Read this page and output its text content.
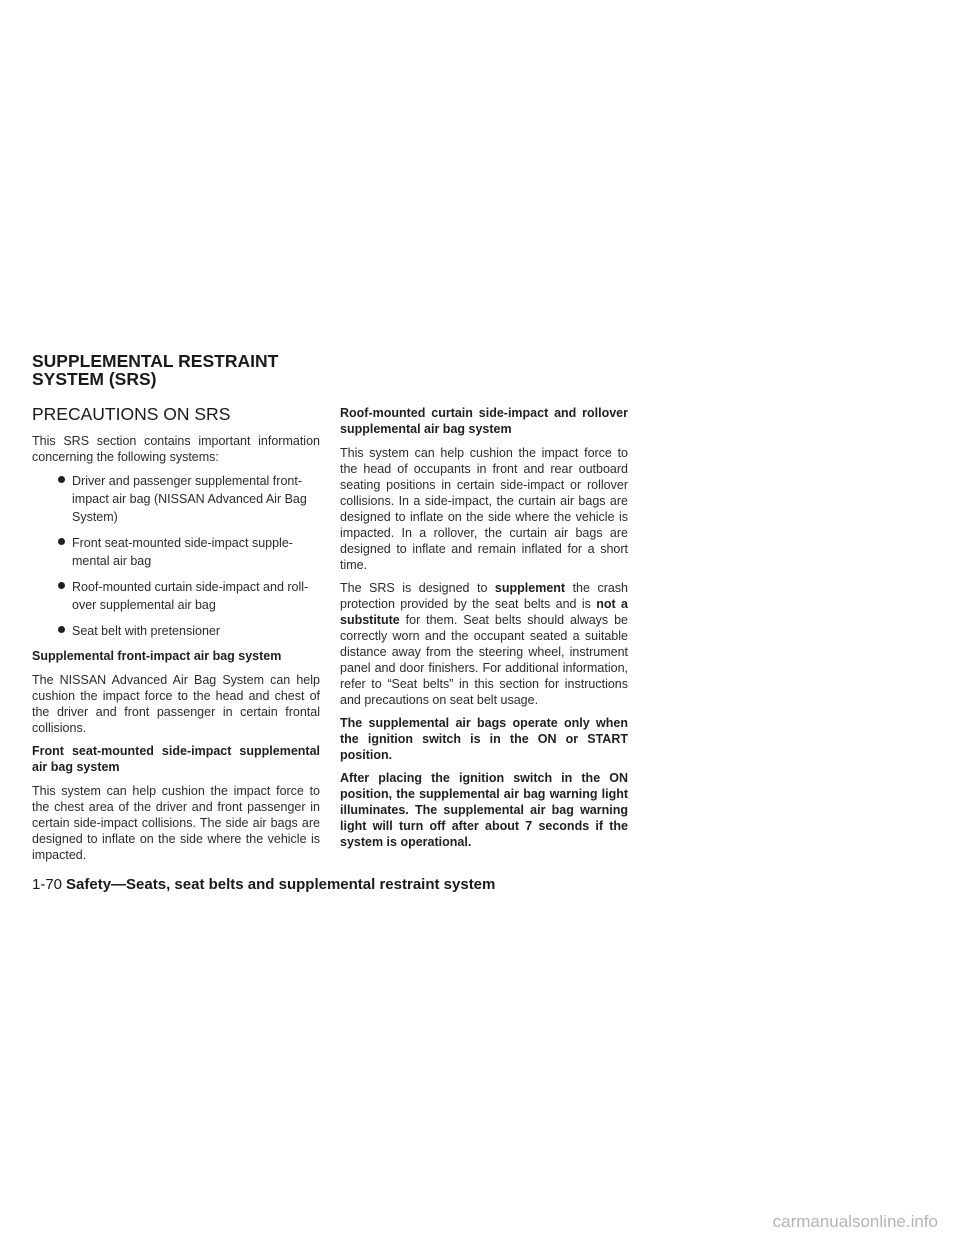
SUPPLEMENTAL RESTRAINT
SYSTEM (SRS)
PRECAUTIONS ON SRS

This SRS section contains important information concerning the following systems:

Driver and passenger supplemental front-impact air bag (NISSAN Advanced Air Bag System)
Front seat-mounted side-impact supplemental air bag
Roof-mounted curtain side-impact and rollover supplemental air bag
Seat belt with pretensioner

Supplemental front-impact air bag system

The NISSAN Advanced Air Bag System can help cushion the impact force to the head and chest of the driver and front passenger in certain frontal collisions.

Front seat-mounted side-impact supplemental air bag system

This system can help cushion the impact force to the chest area of the driver and front passenger in certain side-impact collisions. The side air bags are designed to inflate on the side where the vehicle is impacted.

Roof-mounted curtain side-impact and rollover supplemental air bag system

This system can help cushion the impact force to the head of occupants in front and rear outboard seating positions in certain side-impact or rollover collisions. In a side-impact, the curtain air bags are designed to inflate on the side where the vehicle is impacted. In a rollover, the curtain air bags are designed to inflate and remain inflated for a short time.

The SRS is designed to supplement the crash protection provided by the seat belts and is not a substitute for them. Seat belts should always be correctly worn and the occupant seated a suitable distance away from the steering wheel, instrument panel and door finishers. For additional information, refer to “Seat belts” in this section for instructions and precautions on seat belt usage.

The supplemental air bags operate only when the ignition switch is in the ON or START position.

After placing the ignition switch in the ON position, the supplemental air bag warning light illuminates. The supplemental air bag warning light will turn off after about 7 seconds if the system is operational.

1-70 Safety—Seats, seat belts and supplemental restraint system

carmanualsonline.info
